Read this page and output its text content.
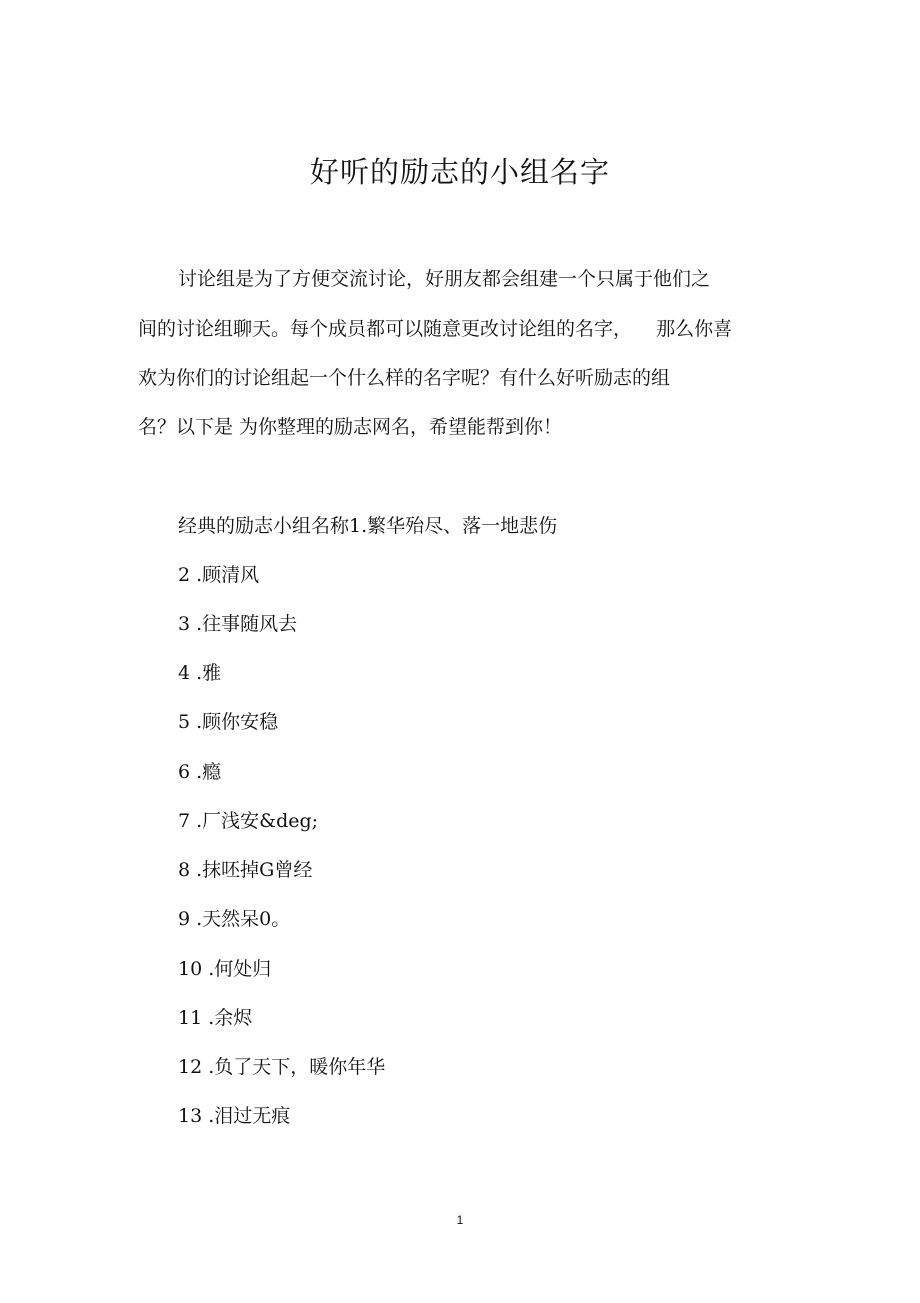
好听的励志的小组名字
讨论组是为了方便交流讨论，好朋友都会组建一个只属于他们之
间的讨论组聊天。每个成员都可以随意更改讨论组的名字，    那么你喜
欢为你们的讨论组起一个什么样的名字呢？有什么好听励志的组
名？以下是 为你整理的励志网名，希望能帮到你！
经典的励志小组名称1.繁华殆尽、落一地悲伤
2 .顾清风
3 .往事随风去
4 .雅
5 .顾你安稳
6 .瘾
7 .厂浅安&deg;
8 .抹呸掉G曾经
9 .天然呆0。
10 .何处归
11 .余烬
12 .负了天下，暖你年华
13 .泪过无痕
1
